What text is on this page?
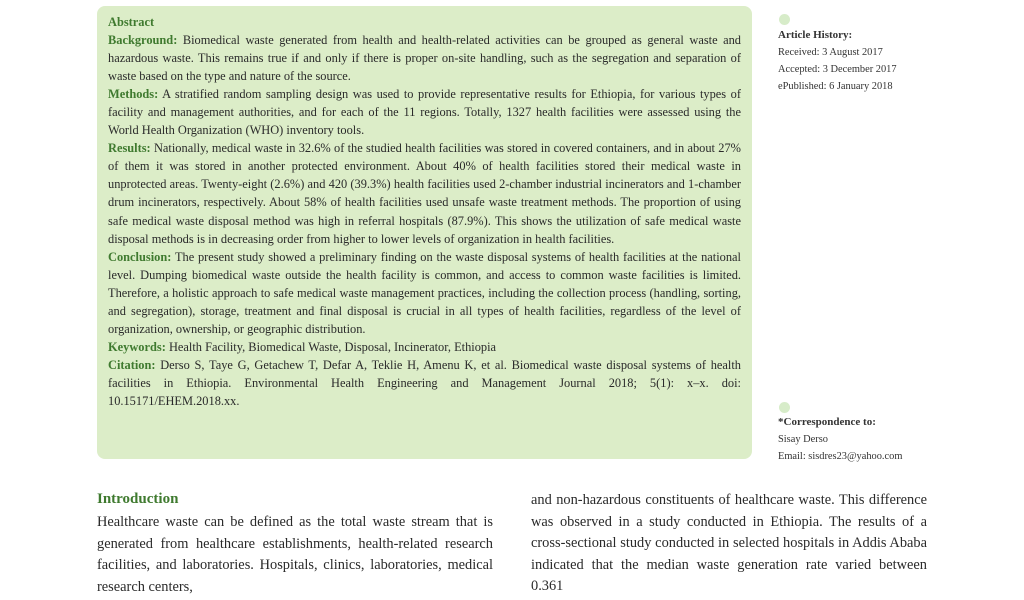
Abstract

Background: Biomedical waste generated from health and health-related activities can be grouped as general waste and hazardous waste. This remains true if and only if there is proper on-site handling, such as the segregation and separation of waste based on the type and nature of the source.

Methods: A stratified random sampling design was used to provide representative results for Ethiopia, for various types of facility and management authorities, and for each of the 11 regions. Totally, 1327 health facilities were assessed using the World Health Organization (WHO) inventory tools.

Results: Nationally, medical waste in 32.6% of the studied health facilities was stored in covered containers, and in about 27% of them it was stored in another protected environment. About 40% of health facilities stored their medical waste in unprotected areas. Twenty-eight (2.6%) and 420 (39.3%) health facilities used 2-chamber industrial incinerators and 1-chamber drum incinerators, respectively. About 58% of health facilities used unsafe waste treatment methods. The proportion of using safe medical waste disposal method was high in referral hospitals (87.9%). This shows the utilization of safe medical waste disposal methods is in decreasing order from higher to lower levels of organization in health facilities.

Conclusion: The present study showed a preliminary finding on the waste disposal systems of health facilities at the national level. Dumping biomedical waste outside the health facility is common, and access to common waste facilities is limited. Therefore, a holistic approach to safe medical waste management practices, including the collection process (handling, sorting, and segregation), storage, treatment and final disposal is crucial in all types of health facilities, regardless of the level of organization, ownership, or geographic distribution.

Keywords: Health Facility, Biomedical Waste, Disposal, Incinerator, Ethiopia

Citation: Derso S, Taye G, Getachew T, Defar A, Teklie H, Amenu K, et al. Biomedical waste disposal systems of health facilities in Ethiopia. Environmental Health Engineering and Management Journal 2018; 5(1): x–x. doi: 10.15171/EHEM.2018.xx.

Article History:
Received: 3 August 2017
Accepted: 3 December 2017
ePublished: 6 January 2018
*Correspondence to:
Sisay Derso
Email: sisdres23@yahoo.com
Introduction

Healthcare waste can be defined as the total waste stream that is generated from healthcare establishments, health-related research facilities, and laboratories. Hospitals, clinics, laboratories, medical research centers,

and non-hazardous constituents of healthcare waste. This difference was observed in a study conducted in Ethiopia. The results of a cross-sectional study conducted in selected hospitals in Addis Ababa indicated that the median waste generation rate varied between 0.361
